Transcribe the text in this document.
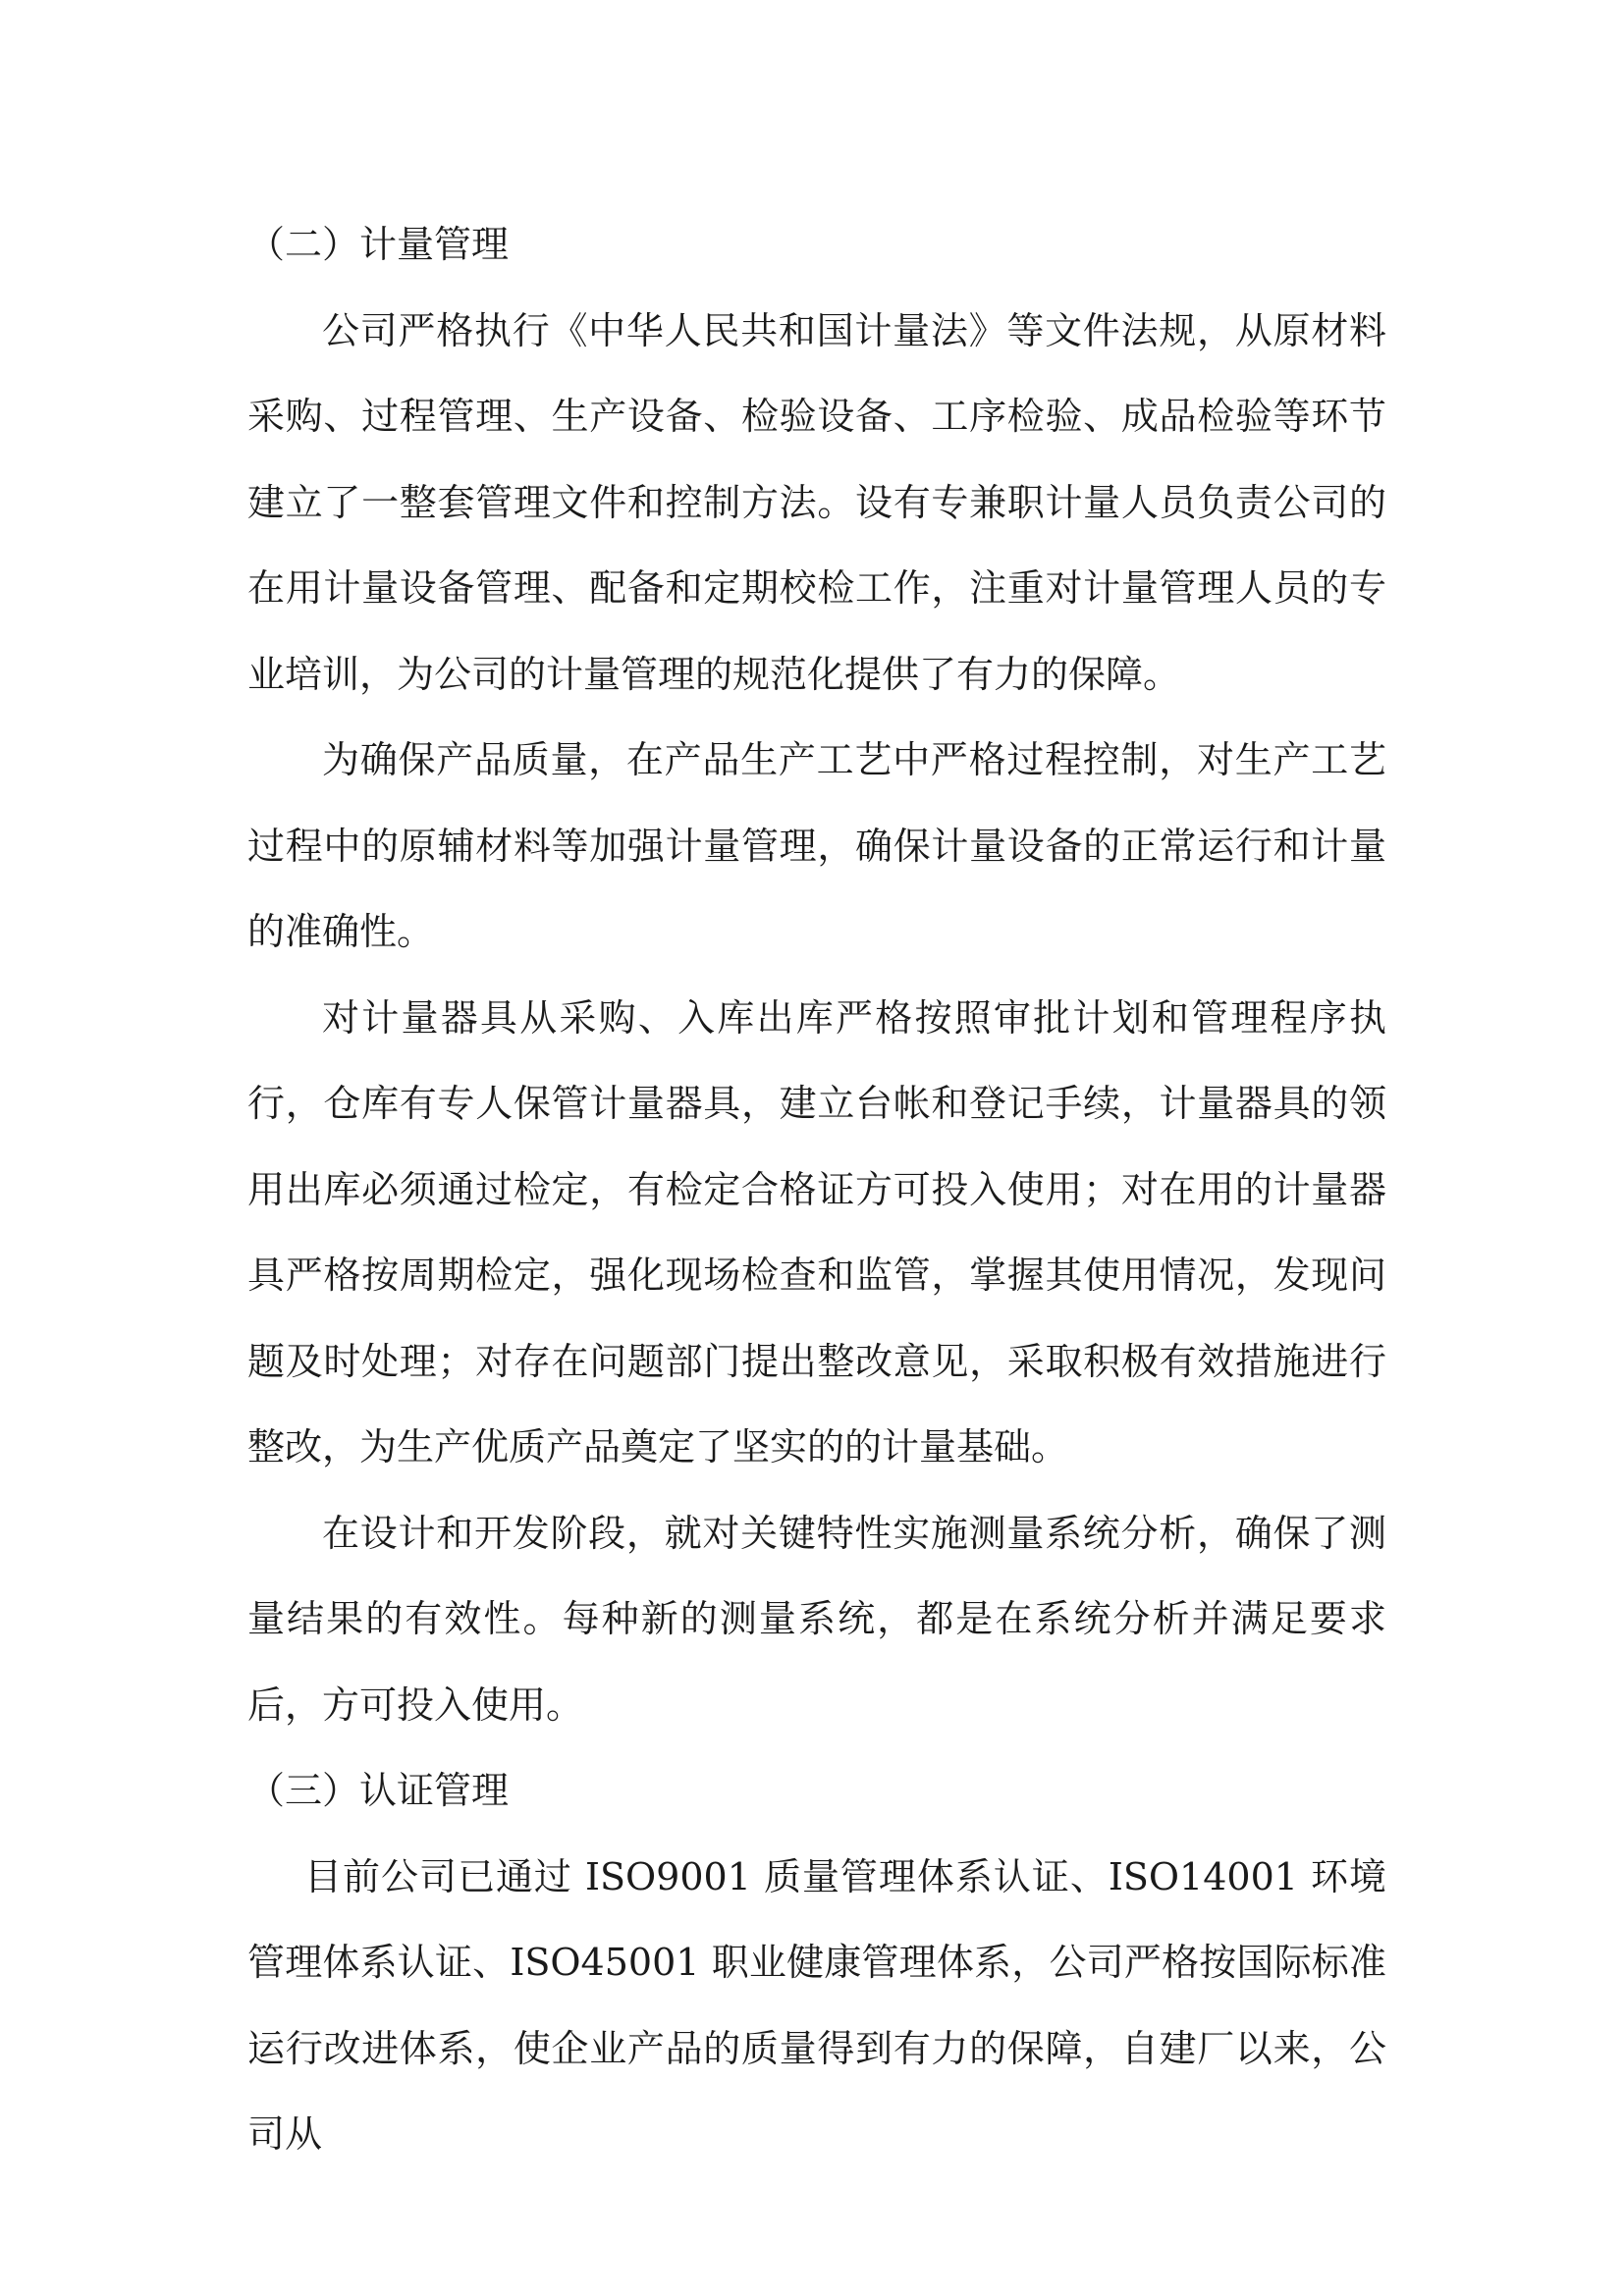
（二）计量管理

公司严格执行《中华人民共和国计量法》等文件法规，从原材料采购、过程管理、生产设备、检验设备、工序检验、成品检验等环节建立了一整套管理文件和控制方法。设有专兼职计量人员负责公司的在用计量设备管理、配备和定期校检工作，注重对计量管理人员的专业培训，为公司的计量管理的规范化提供了有力的保障。

为确保产品质量，在产品生产工艺中严格过程控制，对生产工艺过程中的原辅材料等加强计量管理，确保计量设备的正常运行和计量的准确性。

对计量器具从采购、入库出库严格按照审批计划和管理程序执行，仓库有专人保管计量器具，建立台帐和登记手续，计量器具的领用出库必须通过检定，有检定合格证方可投入使用；对在用的计量器具严格按周期检定，强化现场检查和监管，掌握其使用情况，发现问题及时处理；对存在问题部门提出整改意见，采取积极有效措施进行整改，为生产优质产品奠定了坚实的的计量基础。

在设计和开发阶段，就对关键特性实施测量系统分析，确保了测量结果的有效性。每种新的测量系统，都是在系统分析并满足要求后，方可投入使用。

（三）认证管理

目前公司已通过 ISO9001 质量管理体系认证、ISO14001 环境管理体系认证、ISO45001 职业健康管理体系，公司严格按国际标准运行改进体系，使企业产品的质量得到有力的保障，自建厂以来，公司从
